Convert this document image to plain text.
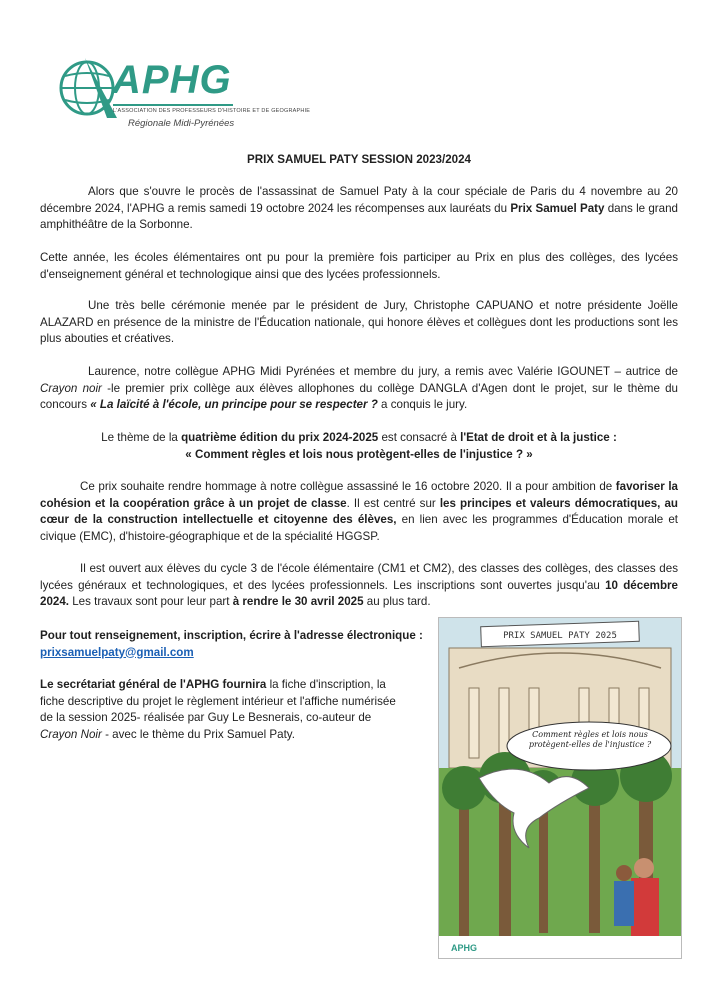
APHG
L'ASSOCIATION DES PROFESSEURS D'HISTOIRE ET DE GEOGRAPHIE
Régionale Midi-Pyrénées
PRIX SAMUEL PATY SESSION 2023/2024

Alors que s'ouvre le procès de l'assassinat de Samuel Paty à la cour spéciale de Paris du 4 novembre au 20 décembre 2024, l'APHG a remis samedi 19 octobre 2024 les récompenses aux lauréats du Prix Samuel Paty dans le grand amphithéâtre de la Sorbonne.

Cette année, les écoles élémentaires ont pu pour la première fois participer au Prix en plus des collèges, des lycées d'enseignement général et technologique ainsi que des lycées professionnels.

Une très belle cérémonie menée par le président de Jury, Christophe CAPUANO et notre présidente Joëlle ALAZARD en présence de la ministre de l'Éducation nationale, qui honore élèves et collègues dont les productions sont les plus abouties et créatives.

Laurence, notre collègue APHG Midi Pyrénées et membre du jury, a remis avec Valérie IGOUNET – autrice de Crayon noir -le premier prix collège aux élèves allophones du collège DANGLA d'Agen dont le projet, sur le thème du concours « La laïcité à l'école, un principe pour se respecter ? a conquis le jury.

Le thème de la quatrième édition du prix 2024-2025 est consacré à l'Etat de droit et à la justice :
« Comment règles et lois nous protègent-elles de l'injustice ? »

Ce prix souhaite rendre hommage à notre collègue assassiné le 16 octobre 2020. Il a pour ambition de favoriser la cohésion et la coopération grâce à un projet de classe. Il est centré sur les principes et valeurs démocratiques, au cœur de la construction intellectuelle et citoyenne des élèves, en lien avec les programmes d'Éducation morale et civique (EMC), d'histoire-géographique et de la spécialité HGGSP.

Il est ouvert aux élèves du cycle 3 de l'école élémentaire (CM1 et CM2), des classes des collèges, des classes des lycées généraux et technologiques, et des lycées professionnels. Les inscriptions sont ouvertes jusqu'au 10 décembre 2024. Les travaux sont pour leur part à rendre le 30 avril 2025 au plus tard.

Pour tout renseignement, inscription, écrire à l'adresse électronique :
prixsamuelpaty@gmail.com

Le secrétariat général de l'APHG fournira la fiche d'inscription, la fiche descriptive du projet le règlement intérieur et l'affiche numérisée de la session 2025- réalisée par Guy Le Besnerais, co-auteur de Crayon Noir - avec le thème du Prix Samuel Paty.

PRIX SAMUEL PATY 2025
Comment règles et lois nous protègent-elles de l'injustice ?
APHG
